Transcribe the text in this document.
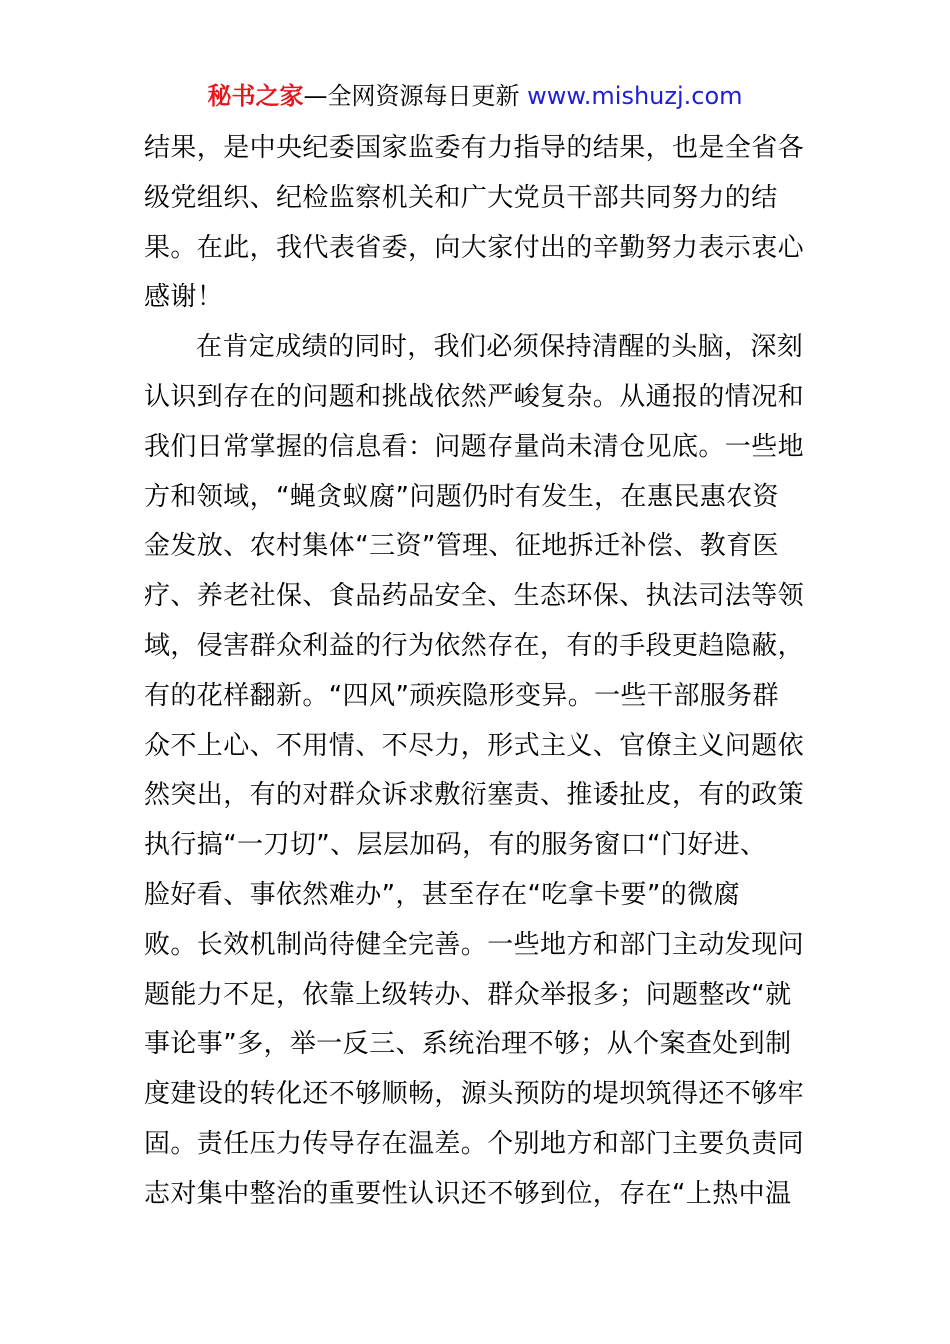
秘书之家—全网资源每日更新 www.mishuzj.com
结果，是中央纪委国家监委有力指导的结果，也是全省各
级党组织、纪检监察机关和广大党员干部共同努力的结
果。在此，我代表省委，向大家付出的辛勤努力表示衷心
感谢！
在肯定成绩的同时，我们必须保持清醒的头脑，深刻
认识到存在的问题和挑战依然严峻复杂。从通报的情况和
我们日常掌握的信息看：问题存量尚未清仓见底。一些地
方和领域，“蝇贪蚁腐”问题仍时有发生，在惠民惠农资
金发放、农村集体“三资”管理、征地拆迁补偿、教育医
疗、养老社保、食品药品安全、生态环保、执法司法等领
域，侵害群众利益的行为依然存在，有的手段更趋隐蔽，
有的花样翻新。“四风”顽疾隐形变异。一些干部服务群
众不上心、不用情、不尽力，形式主义、官僚主义问题依
然突出，有的对群众诉求敷衍塞责、推诿扯皮，有的政策
执行搞“一刀切”、层层加码，有的服务窗口“门好进、
脸好看、事依然难办”，甚至存在“吃拿卡要”的微腐
败。长效机制尚待健全完善。一些地方和部门主动发现问
题能力不足，依靠上级转办、群众举报多；问题整改“就
事论事”多，举一反三、系统治理不够；从个案查处到制
度建设的转化还不够顺畅，源头预防的堤坝筑得还不够牢
固。责任压力传导存在温差。个别地方和部门主要负责同
志对集中整治的重要性认识还不够到位，存在“上热中温
